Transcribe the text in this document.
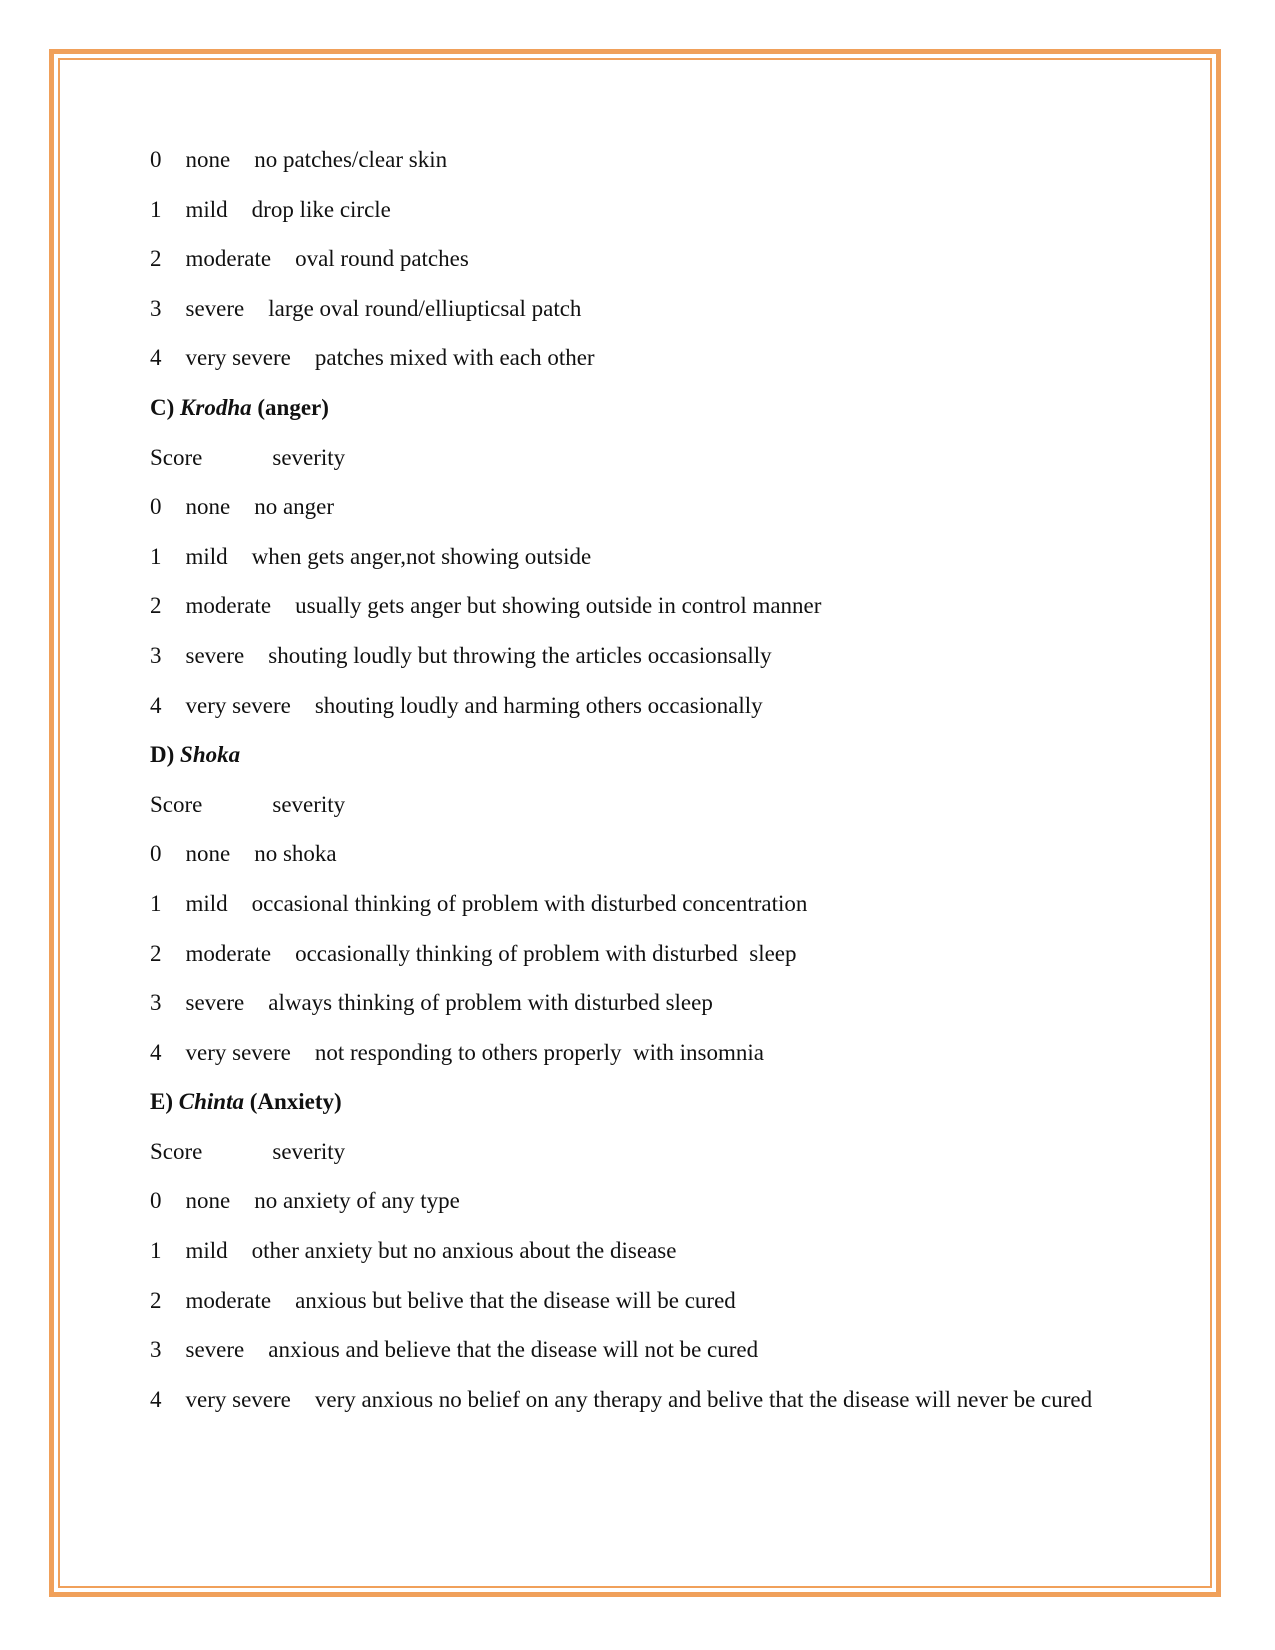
0 none no patches/clear skin

1 mild drop like circle

2 moderate oval round patches

3 severe large oval round/elliupticsal patch

4 very severe patches mixed with each other

C) Krodha (anger)

Score	severity

0 none no anger

1 mild when gets anger,not showing outside

2 moderate usually gets anger but showing outside in control manner

3 severe shouting loudly but throwing the articles occasionsally

4 very severe shouting loudly and harming others occasionally

D) Shoka

Score	severity

0 none no shoka

1 mild occasional thinking of problem with disturbed concentration

2 moderate occasionally thinking of problem with disturbed  sleep

3 severe always thinking of problem with disturbed sleep

4 very severe not responding to others properly  with insomnia

E) Chinta (Anxiety)

Score	severity

0 none no anxiety of any type

1 mild other anxiety but no anxious about the disease

2 moderate anxious but belive that the disease will be cured

3 severe anxious and believe that the disease will not be cured

4 very severe very anxious no belief on any therapy and belive that the disease will never be cured
